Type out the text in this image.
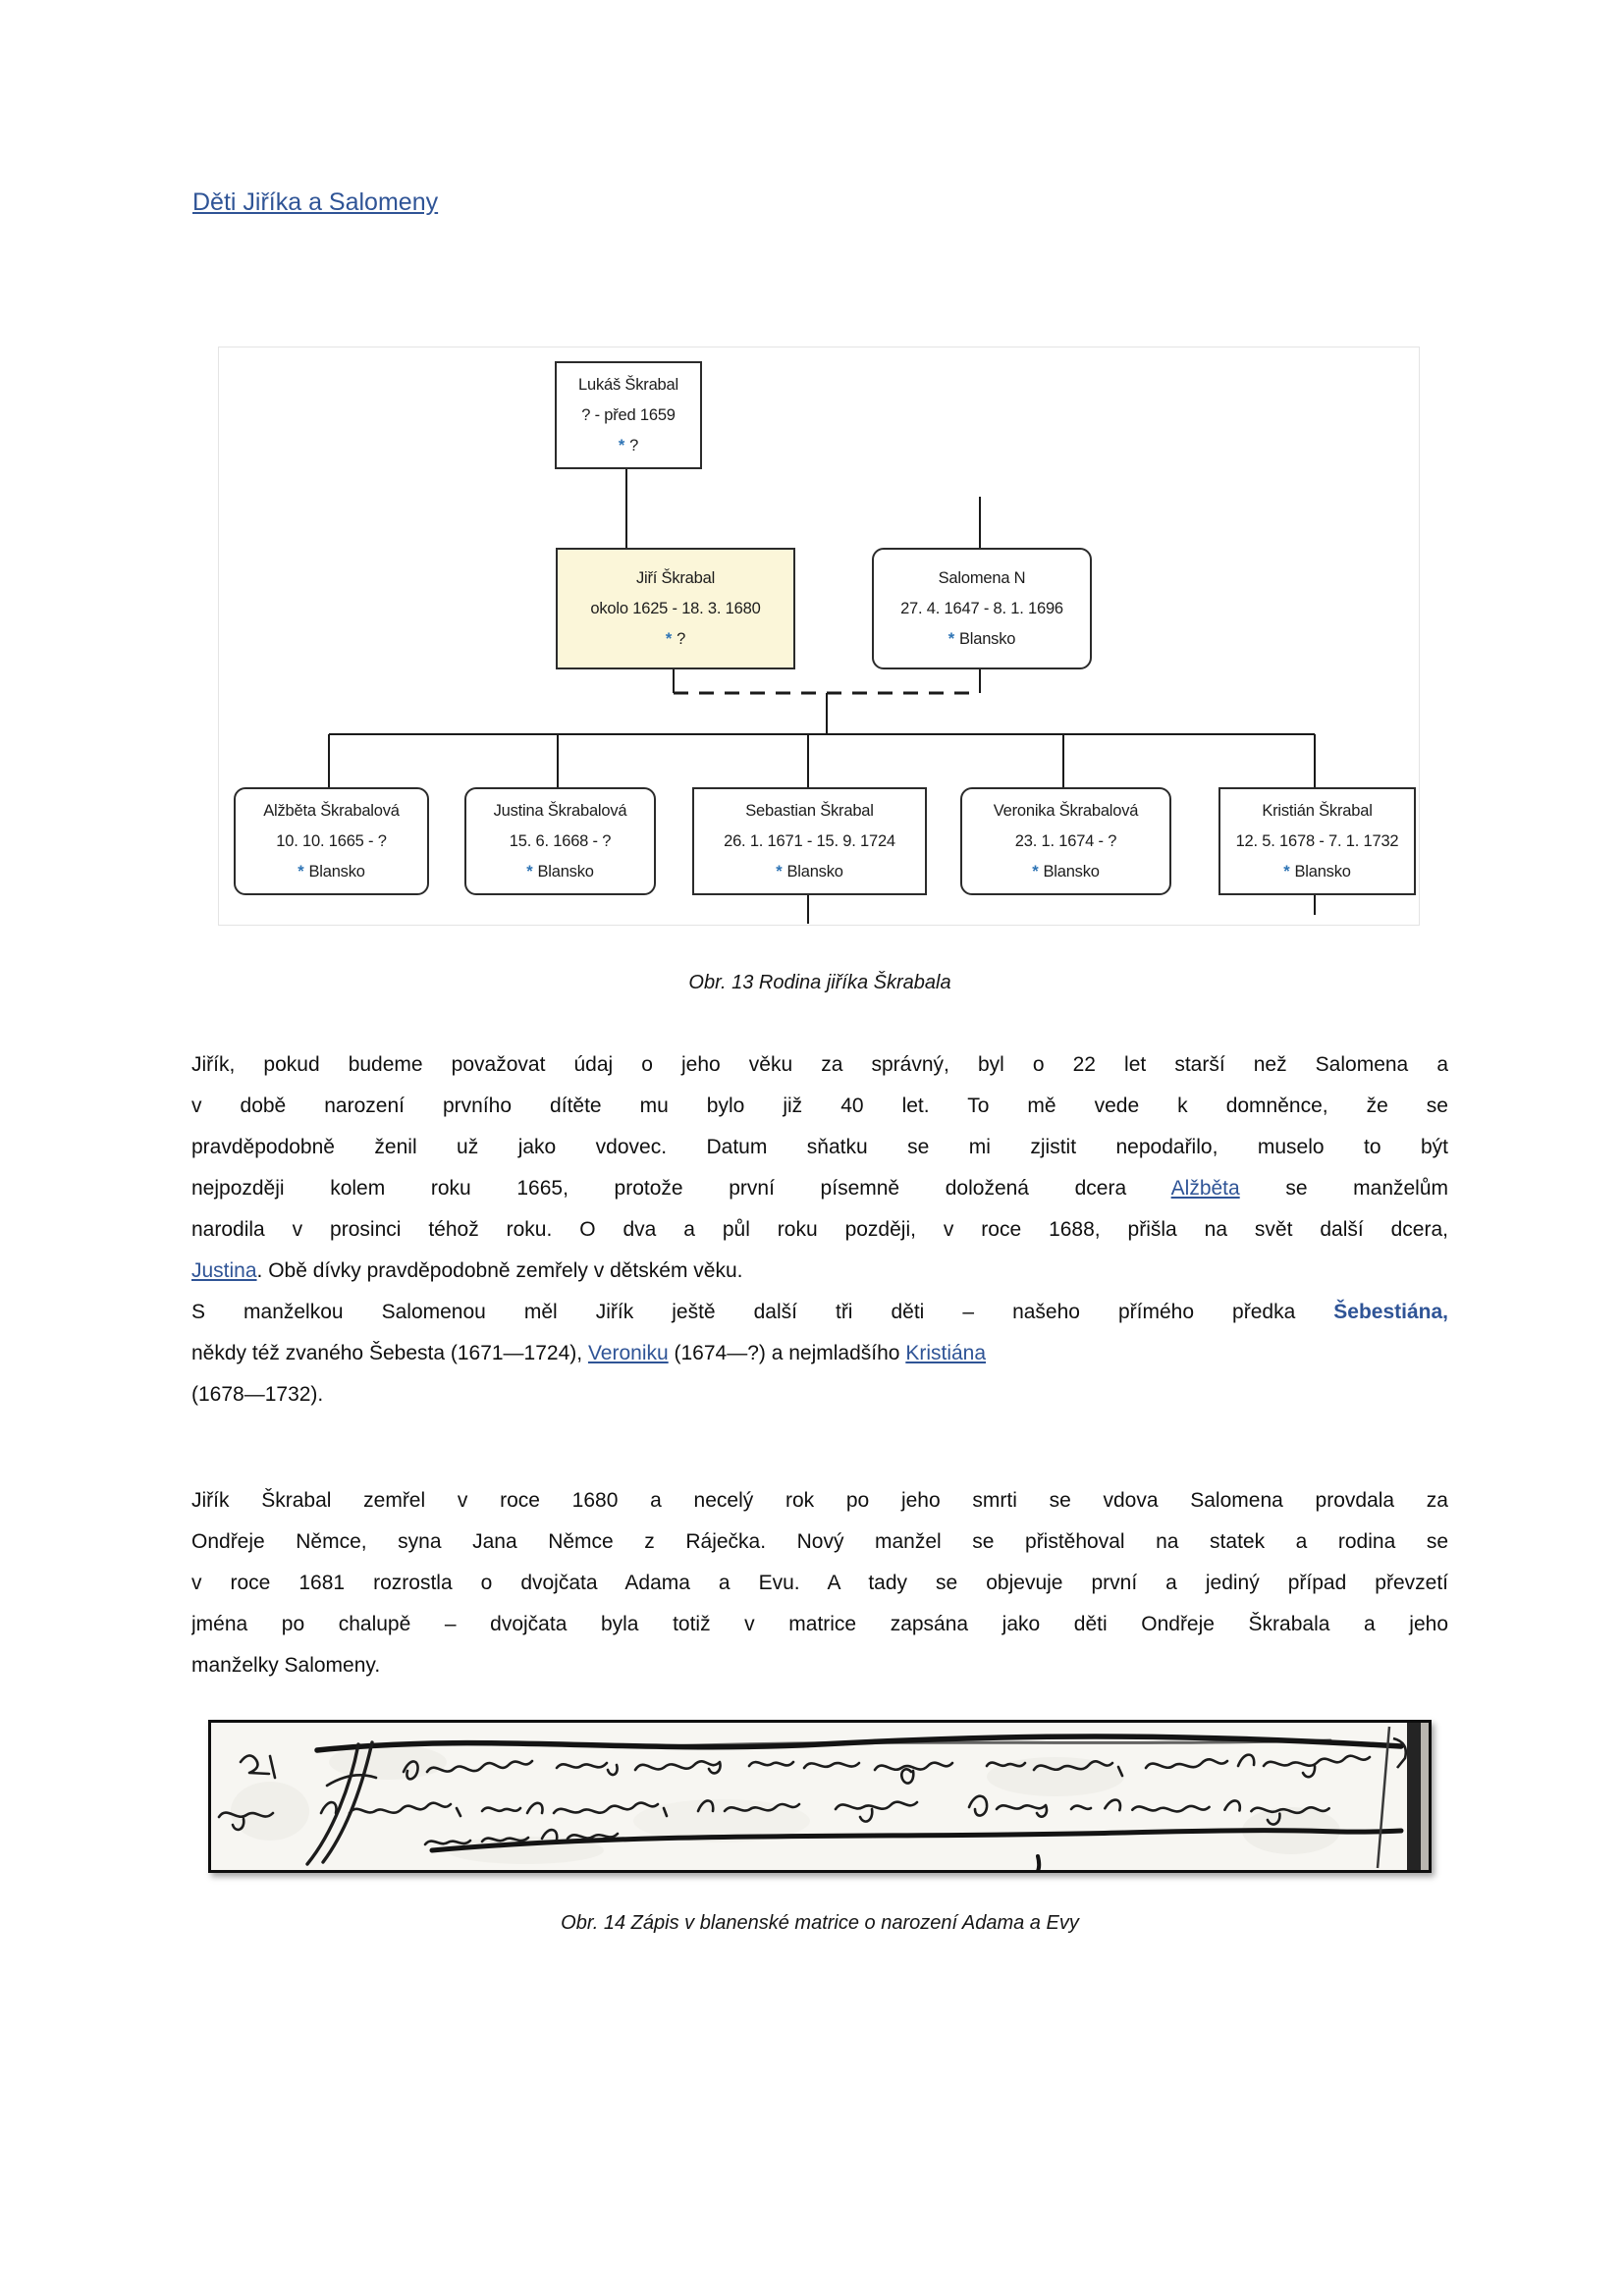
Děti Jiříka a Salomeny
Lukáš Škrabal
? - před 1659
* ?
Jiří Škrabal
okolo 1625 - 18. 3. 1680
* ?
Salomena N
27. 4. 1647 - 8. 1. 1696
* Blansko
Alžběta Škrabalová
10. 10. 1665 - ?
* Blansko
Justina Škrabalová
15. 6. 1668 - ?
* Blansko
Sebastian Škrabal
26. 1. 1671 - 15. 9. 1724
* Blansko
Veronika Škrabalová
23. 1. 1674 - ?
* Blansko
Kristián Škrabal
12. 5. 1678 - 7. 1. 1732
* Blansko
Obr. 13 Rodina jiříka Škrabala
Jiřík, pokud budeme považovat údaj o jeho věku za správný, byl o 22 let starší než Salomena a
v době narození prvního dítěte mu bylo již 40 let. To mě vede k domněnce, že se
pravděpodobně ženil už jako vdovec. Datum sňatku se mi zjistit nepodařilo, muselo to být
nejpozději kolem roku 1665, protože první písemně doložená dcera Alžběta se manželům
narodila v prosinci téhož roku. O dva a půl roku později, v roce 1688, přišla na svět další dcera,
Justina. Obě dívky pravděpodobně zemřely v dětském věku.
S manželkou Salomenou měl Jiřík ještě další tři děti – našeho přímého předka Šebestiána,
někdy též zvaného Šebesta (1671—1724), Veroniku (1674—?) a nejmladšího Kristiána
(1678—1732).
Jiřík Škrabal zemřel v roce 1680 a necelý rok po jeho smrti se vdova Salomena provdala za
Ondřeje Němce, syna Jana Němce z Ráječka. Nový manžel se přistěhoval na statek a rodina se
v roce 1681 rozrostla o dvojčata Adama a Evu. A tady se objevuje první a jediný případ převzetí
jména po chalupě – dvojčata byla totiž v matrice zapsána jako děti Ondřeje Škrabala a jeho
manželky Salomeny.
Obr. 14 Zápis v blanenské matrice o narození Adama a Evy
